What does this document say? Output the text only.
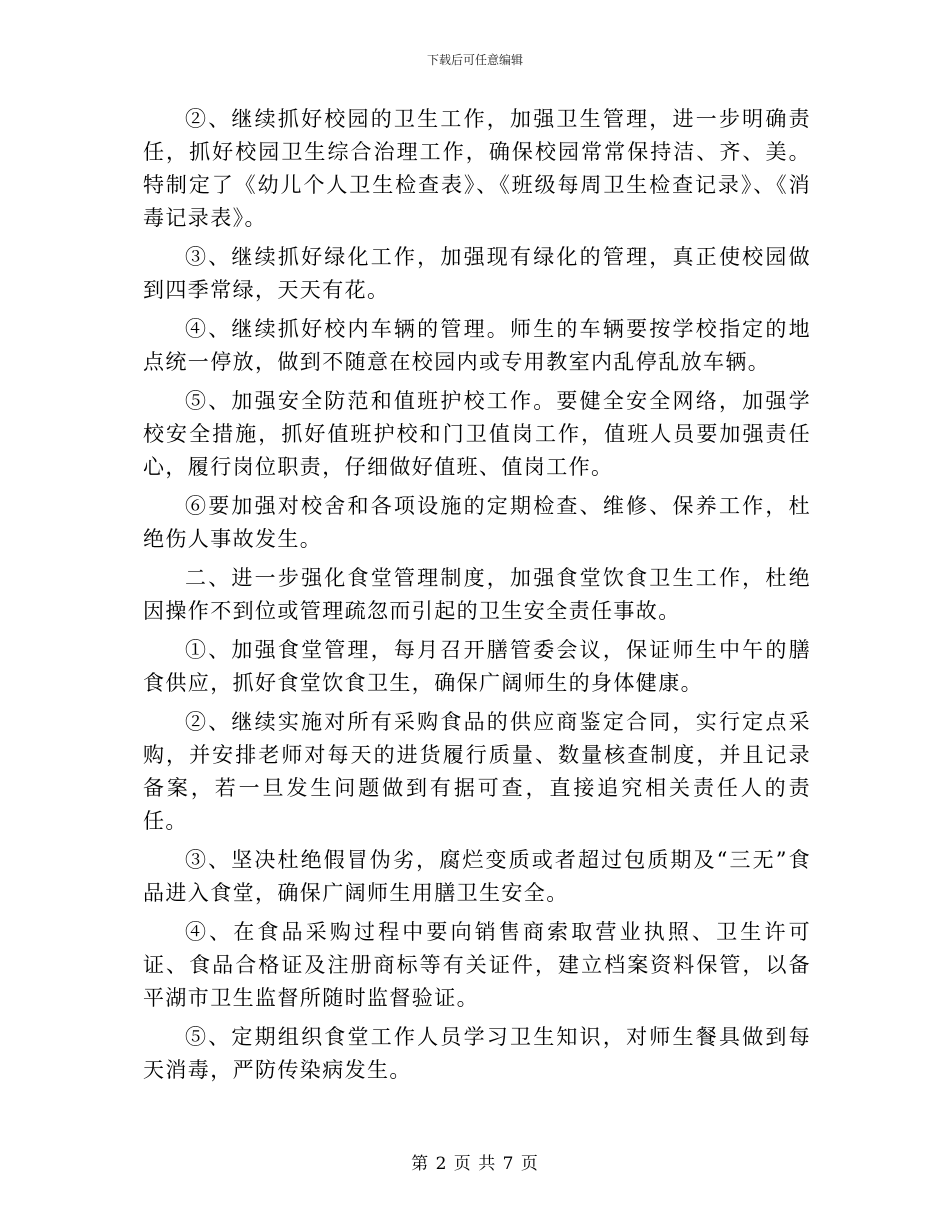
下载后可任意编辑

②、继续抓好校园的卫生工作，加强卫生管理，进一步明确责任，抓好校园卫生综合治理工作，确保校园常常保持洁、齐、美。特制定了《幼儿个人卫生检查表》、《班级每周卫生检查记录》、《消毒记录表》。

③、继续抓好绿化工作，加强现有绿化的管理，真正使校园做到四季常绿，天天有花。

④、继续抓好校内车辆的管理。师生的车辆要按学校指定的地点统一停放，做到不随意在校园内或专用教室内乱停乱放车辆。

⑤、加强安全防范和值班护校工作。要健全安全网络，加强学校安全措施，抓好值班护校和门卫值岗工作，值班人员要加强责任心，履行岗位职责，仔细做好值班、值岗工作。

⑥要加强对校舍和各项设施的定期检查、维修、保养工作，杜绝伤人事故发生。

二、进一步强化食堂管理制度，加强食堂饮食卫生工作，杜绝因操作不到位或管理疏忽而引起的卫生安全责任事故。

①、加强食堂管理，每月召开膳管委会议，保证师生中午的膳食供应，抓好食堂饮食卫生，确保广阔师生的身体健康。

②、继续实施对所有采购食品的供应商鉴定合同，实行定点采购，并安排老师对每天的进货履行质量、数量核查制度，并且记录备案，若一旦发生问题做到有据可查，直接追究相关责任人的责任。

③、坚决杜绝假冒伪劣，腐烂变质或者超过包质期及“三无”食品进入食堂，确保广阔师生用膳卫生安全。

④、在食品采购过程中要向销售商索取营业执照、卫生许可证、食品合格证及注册商标等有关证件，建立档案资料保管，以备平湖市卫生监督所随时监督验证。

⑤、定期组织食堂工作人员学习卫生知识，对师生餐具做到每天消毒，严防传染病发生。

第 2 页 共 7 页
